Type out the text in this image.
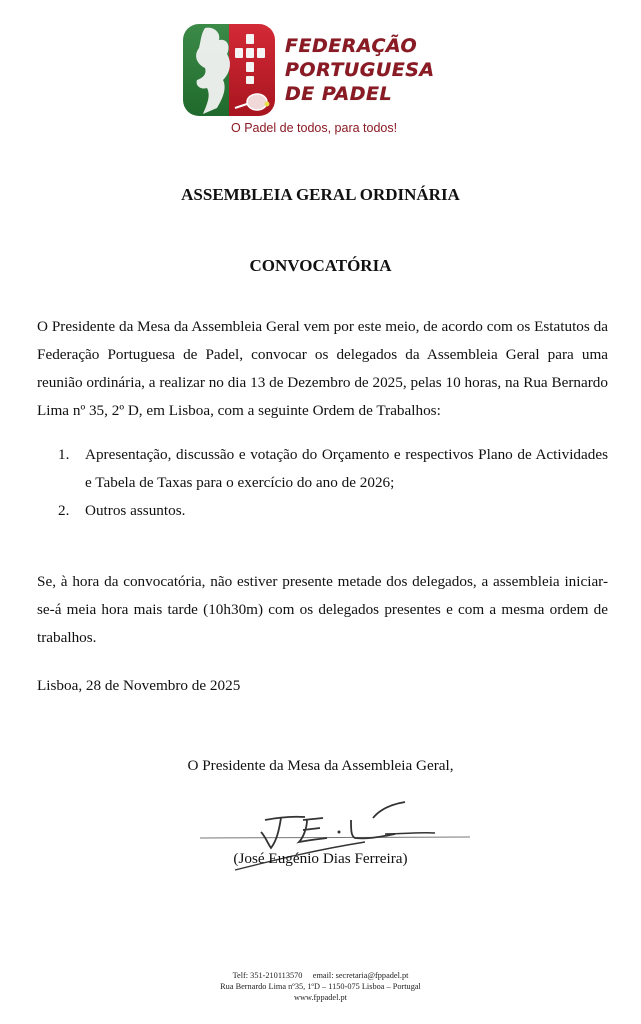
FEDERAÇÃO
PORTUGUESA
DE PADEL
O Padel de todos, para todos!
ASSEMBLEIA GERAL ORDINÁRIA
CONVOCATÓRIA
O Presidente da Mesa da Assembleia Geral vem por este meio, de acordo com os Estatutos da Federação Portuguesa de Padel, convocar os delegados da Assembleia Geral para uma reunião ordinária, a realizar no dia 13 de Dezembro de 2025, pelas 10 horas, na Rua Bernardo Lima nº 35, 2º D, em Lisboa, com a seguinte Ordem de Trabalhos:
1.	Apresentação, discussão e votação do Orçamento e respectivos Plano de Actividades e Tabela de Taxas para o exercício do ano de 2026;
2.	Outros assuntos.
Se, à hora da convocatória, não estiver presente metade dos delegados, a assembleia iniciar-se-á meia hora mais tarde (10h30m) com os delegados presentes e com a mesma ordem de trabalhos.
Lisboa, 28 de Novembro de 2025
O Presidente da Mesa da Assembleia Geral,
(José Eugénio Dias Ferreira)
Telf: 351-210113570     email: secretaria@fppadel.pt
Rua Bernardo Lima nº35, 1ºD – 1150-075 Lisboa – Portugal
www.fppadel.pt
